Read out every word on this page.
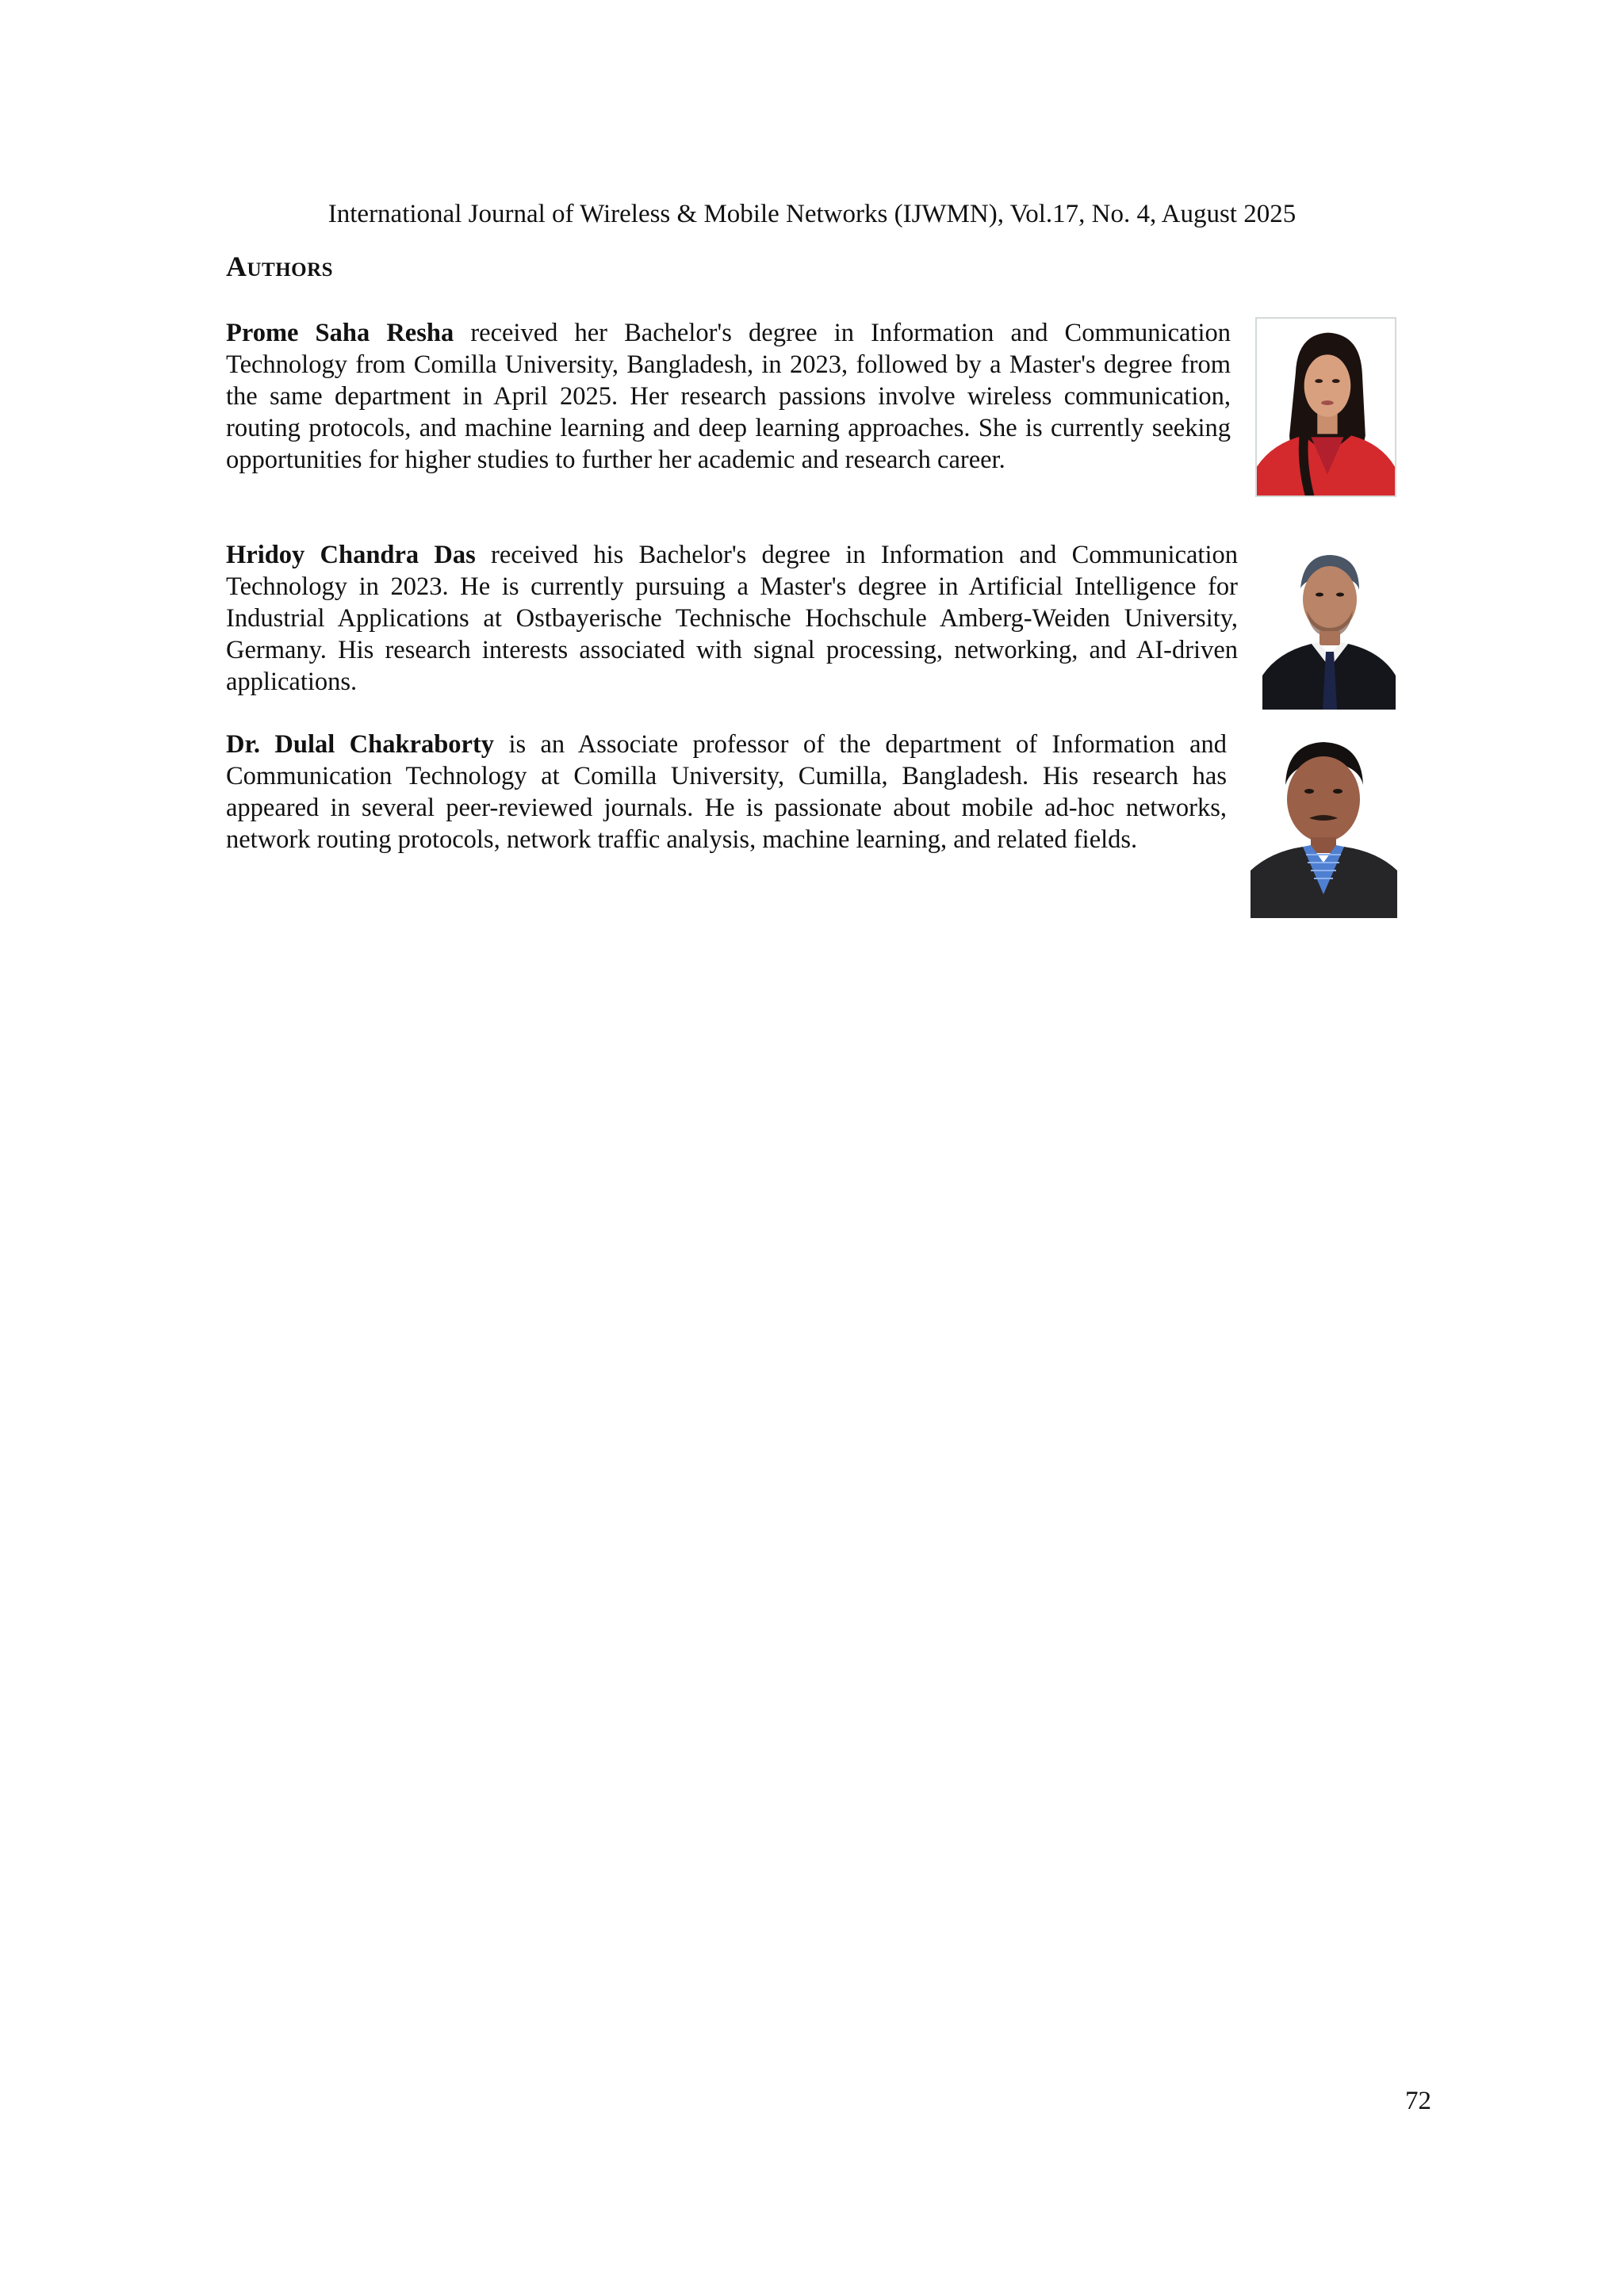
International Journal of Wireless & Mobile Networks (IJWMN), Vol.17, No. 4, August 2025
Authors

Prome Saha Resha received her Bachelor's degree in Information and Communication Technology from Comilla University, Bangladesh, in 2023, followed by a Master's degree from the same department in April 2025. Her research passions involve wireless communication, routing protocols, and machine learning and deep learning approaches. She is currently seeking opportunities for higher studies to further her academic and research career.

Hridoy Chandra Das received his Bachelor's degree in Information and Communication Technology in 2023. He is currently pursuing a Master's degree in Artificial Intelligence for Industrial Applications at Ostbayerische Technische Hochschule Amberg-Weiden University, Germany. His research interests associated with signal processing, networking, and AI-driven applications.

Dr. Dulal Chakraborty is an Associate professor of the department of Information and Communication Technology at Comilla University, Cumilla, Bangladesh. His research has appeared in several peer-reviewed journals. He is passionate about mobile ad-hoc networks, network routing protocols, network traffic analysis, machine learning, and related fields.

72
